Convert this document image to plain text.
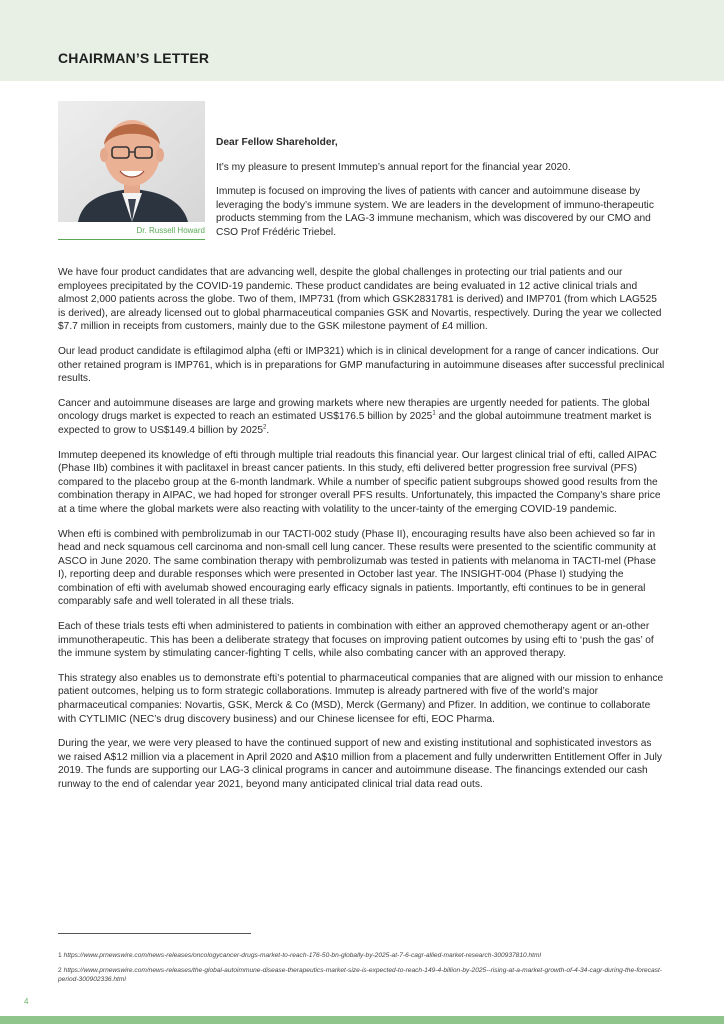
CHAIRMAN’S LETTER
Dr. Russell Howard

Dear Fellow Shareholder,

It’s my pleasure to present Immutep’s annual report for the financial year 2020.

Immutep is focused on improving the lives of patients with cancer and autoimmune disease by leveraging the body’s immune system. We are leaders in the development of immuno-therapeutic products stemming from the LAG-3 immune mechanism, which was discovered by our CMO and CSO Prof Frédéric Triebel.

We have four product candidates that are advancing well, despite the global challenges in protecting our trial patients and our employees precipitated by the COVID-19 pandemic. These product candidates are being evaluated in 12 active clinical trials and almost 2,000 patients across the globe. Two of them, IMP731 (from which GSK2831781 is derived) and IMP701 (from which LAG525 is derived), are already licensed out to global pharmaceutical companies GSK and Novartis, respectively. During the year we collected $7.7 million in receipts from customers, mainly due to the GSK milestone payment of £4 million.

Our lead product candidate is eftilagimod alpha (efti or IMP321) which is in clinical development for a range of cancer indications. Our other retained program is IMP761, which is in preparations for GMP manufacturing in autoimmune diseases after successful preclinical results.

Cancer and autoimmune diseases are large and growing markets where new therapies are urgently needed for patients. The global oncology drugs market is expected to reach an estimated US$176.5 billion by 2025$^1$ and the global autoimmune treatment market is expected to grow to US$149.4 billion by 2025$^2$.

Immutep deepened its knowledge of efti through multiple trial readouts this financial year. Our largest clinical trial of efti, called AIPAC (Phase IIb) combines it with paclitaxel in breast cancer patients. In this study, efti delivered better progression free survival (PFS) compared to the placebo group at the 6-month landmark. While a number of specific patient subgroups showed good results from the combination therapy in AIPAC, we had hoped for stronger overall PFS results. Unfortunately, this impacted the Company’s share price at a time where the global markets were also reacting with volatility to the uncer-tainty of the emerging COVID-19 pandemic.

When efti is combined with pembrolizumab in our TACTI-002 study (Phase II), encouraging results have also been achieved so far in head and neck squamous cell carcinoma and non-small cell lung cancer. These results were presented to the scientific community at ASCO in June 2020. The same combination therapy with pembrolizumab was tested in patients with melanoma in TACTI-mel (Phase I), reporting deep and durable responses which were presented in October last year. The INSIGHT-004 (Phase I) studying the combination of efti with avelumab showed encouraging early efficacy signals in patients. Importantly, efti continues to be in general comparably safe and well tolerated in all these trials.

Each of these trials tests efti when administered to patients in combination with either an approved chemotherapy agent or an-other immunotherapeutic. This has been a deliberate strategy that focuses on improving patient outcomes by using efti to ‘push the gas’ of the immune system by stimulating cancer-fighting T cells, while also combating cancer with an approved therapy.

This strategy also enables us to demonstrate efti’s potential to pharmaceutical companies that are aligned with our mission to enhance patient outcomes, helping us to form strategic collaborations. Immutep is already partnered with five of the world’s major pharmaceutical companies: Novartis, GSK, Merck & Co (MSD), Merck (Germany) and Pfizer. In addition, we continue to collaborate with CYTLIMIC (NEC’s drug discovery business) and our Chinese licensee for efti, EOC Pharma.

During the year, we were very pleased to have the continued support of new and existing institutional and sophisticated investors as we raised A$12 million via a placement in April 2020 and A$10 million from a placement and fully underwritten Entitlement Offer in July 2019. The funds are supporting our LAG-3 clinical programs in cancer and autoimmune disease. The financings extended our cash runway to the end of calendar year 2021, beyond many anticipated clinical trial data read outs.

1 https://www.prnewswire.com/news-releases/oncologycancer-drugs-market-to-reach-176-50-bn-globally-by-2025-at-7-6-cagr-allied-market-research-300937810.html

2 https://www.prnewswire.com/news-releases/the-global-autoimmune-disease-therapeutics-market-size-is-expected-to-reach-149-4-billion-by-2025--rising-at-a-market-growth-of-4-34-cagr-during-the-forecast-period-300902336.html

4
